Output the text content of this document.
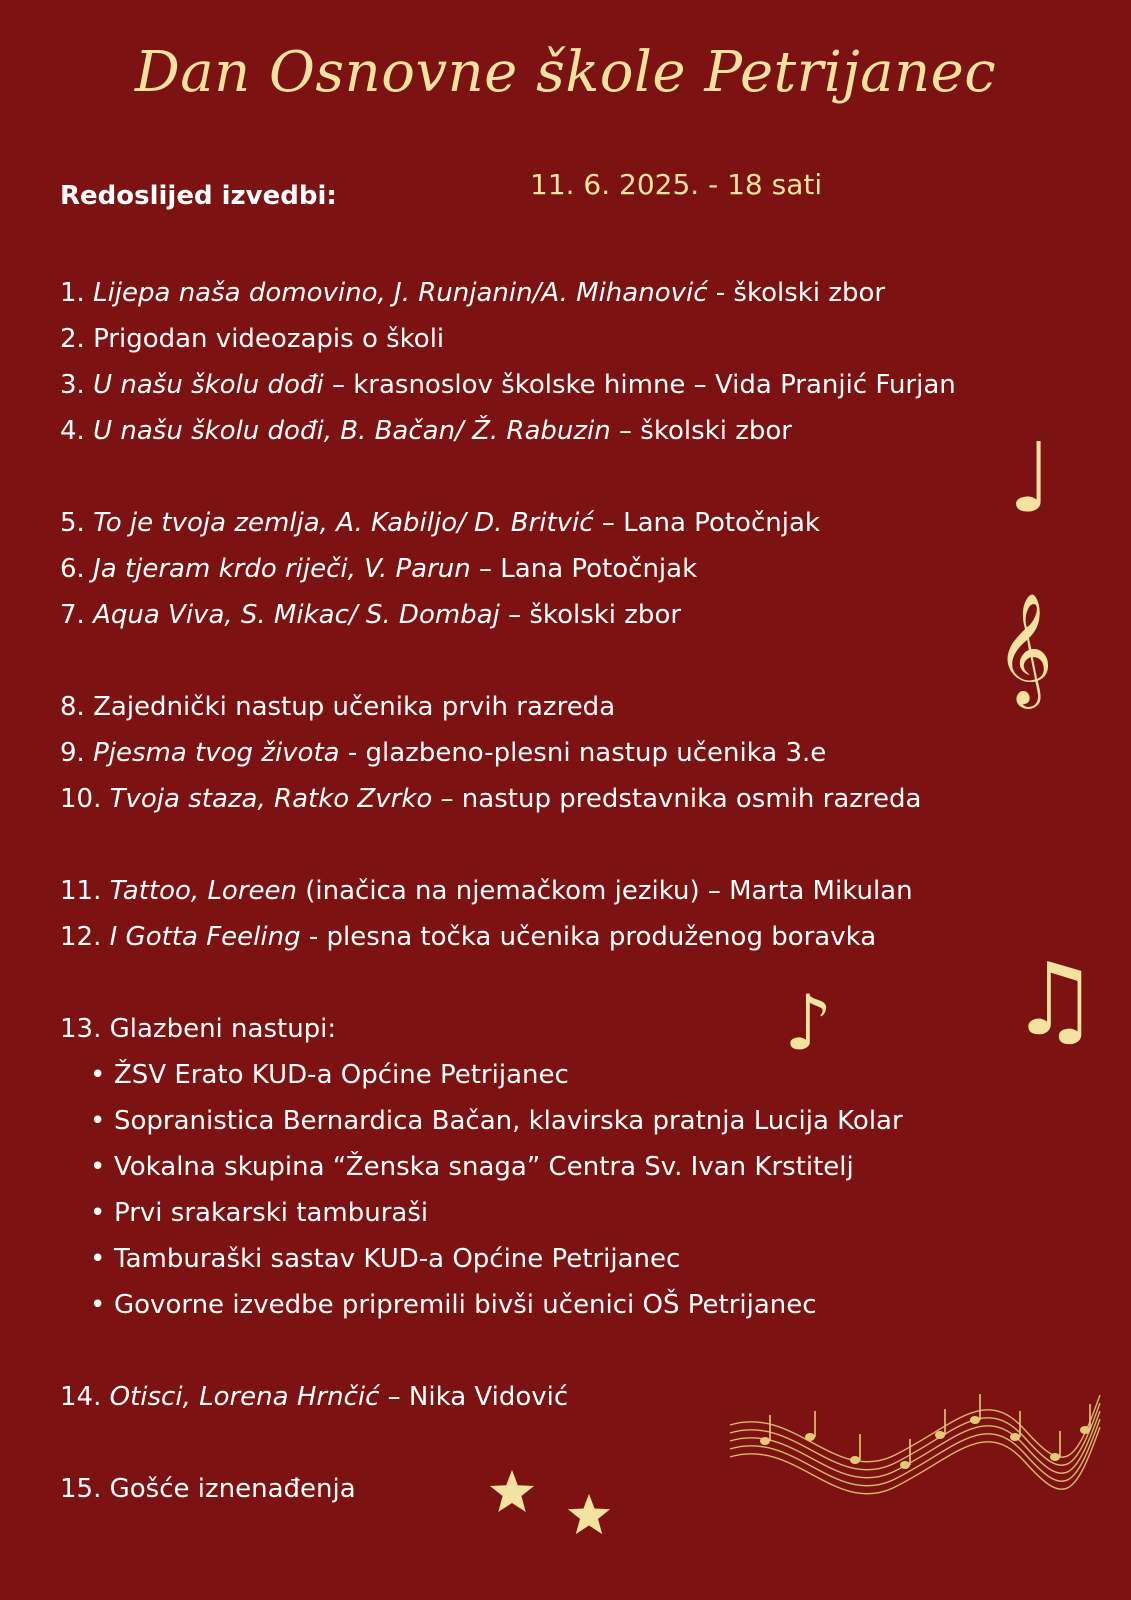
Dan Osnovne škole Petrijanec
Redoslijed izvedbi:	11. 6. 2025. - 18 sati
1. Lijepa naša domovino, J. Runjanin/A. Mihanović - školski zbor
2. Prigodan videozapis o školi
3. U našu školu dođi – krasnoslov školske himne – Vida Pranjić Furjan
4. U našu školu dođi, B. Bačan/ Ž. Rabuzin – školski zbor
5. To je tvoja zemlja, A. Kabiljo/ D. Britvić – Lana Potočnjak
6. Ja tjeram krdo riječi, V. Parun – Lana Potočnjak
7. Aqua Viva, S. Mikac/ S. Dombaj – školski zbor
8. Zajednički nastup učenika prvih razreda
9. Pjesma tvog života - glazbeno-plesni nastup učenika 3.e
10. Tvoja staza, Ratko Zvrko – nastup predstavnika osmih razreda
11. Tattoo, Loreen (inačica na njemačkom jeziku) – Marta Mikulan
12. I Gotta Feeling - plesna točka učenika produženog boravka
13. Glazbeni nastupi:
• ŽSV Erato KUD-a Općine Petrijanec
• Sopranistica Bernardica Bačan, klavirska pratnja Lucija Kolar
• Vokalna skupina “Ženska snaga” Centra Sv. Ivan Krstitelj
• Prvi srakarski tamburaši
• Tamburaški sastav KUD-a Općine Petrijanec
• Govorne izvedbe pripremili bivši učenici OŠ Petrijanec
14. Otisci, Lorena Hrnčić – Nika Vidović
15. Gošće iznenađenja
♩
𝄞
♪ ♫
